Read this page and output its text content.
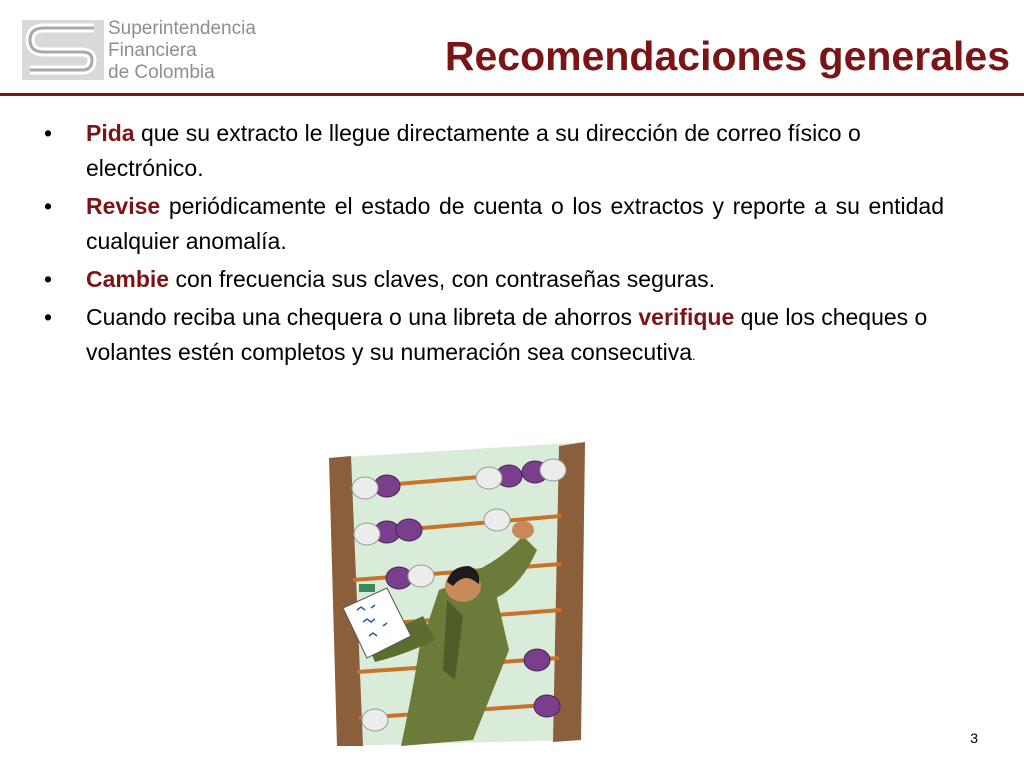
Superintendencia
Financiera
de Colombia	Recomendaciones generales
• Pida que su extracto le llegue directamente a su dirección de correo físico o electrónico.
• Revise periódicamente el estado de cuenta o los extractos y reporte a su entidad cualquier anomalía.
• Cambie con frecuencia sus claves, con contraseñas seguras.
• Cuando reciba una chequera o una libreta de ahorros verifique que los cheques o volantes estén completos y su numeración sea consecutiva.
3
